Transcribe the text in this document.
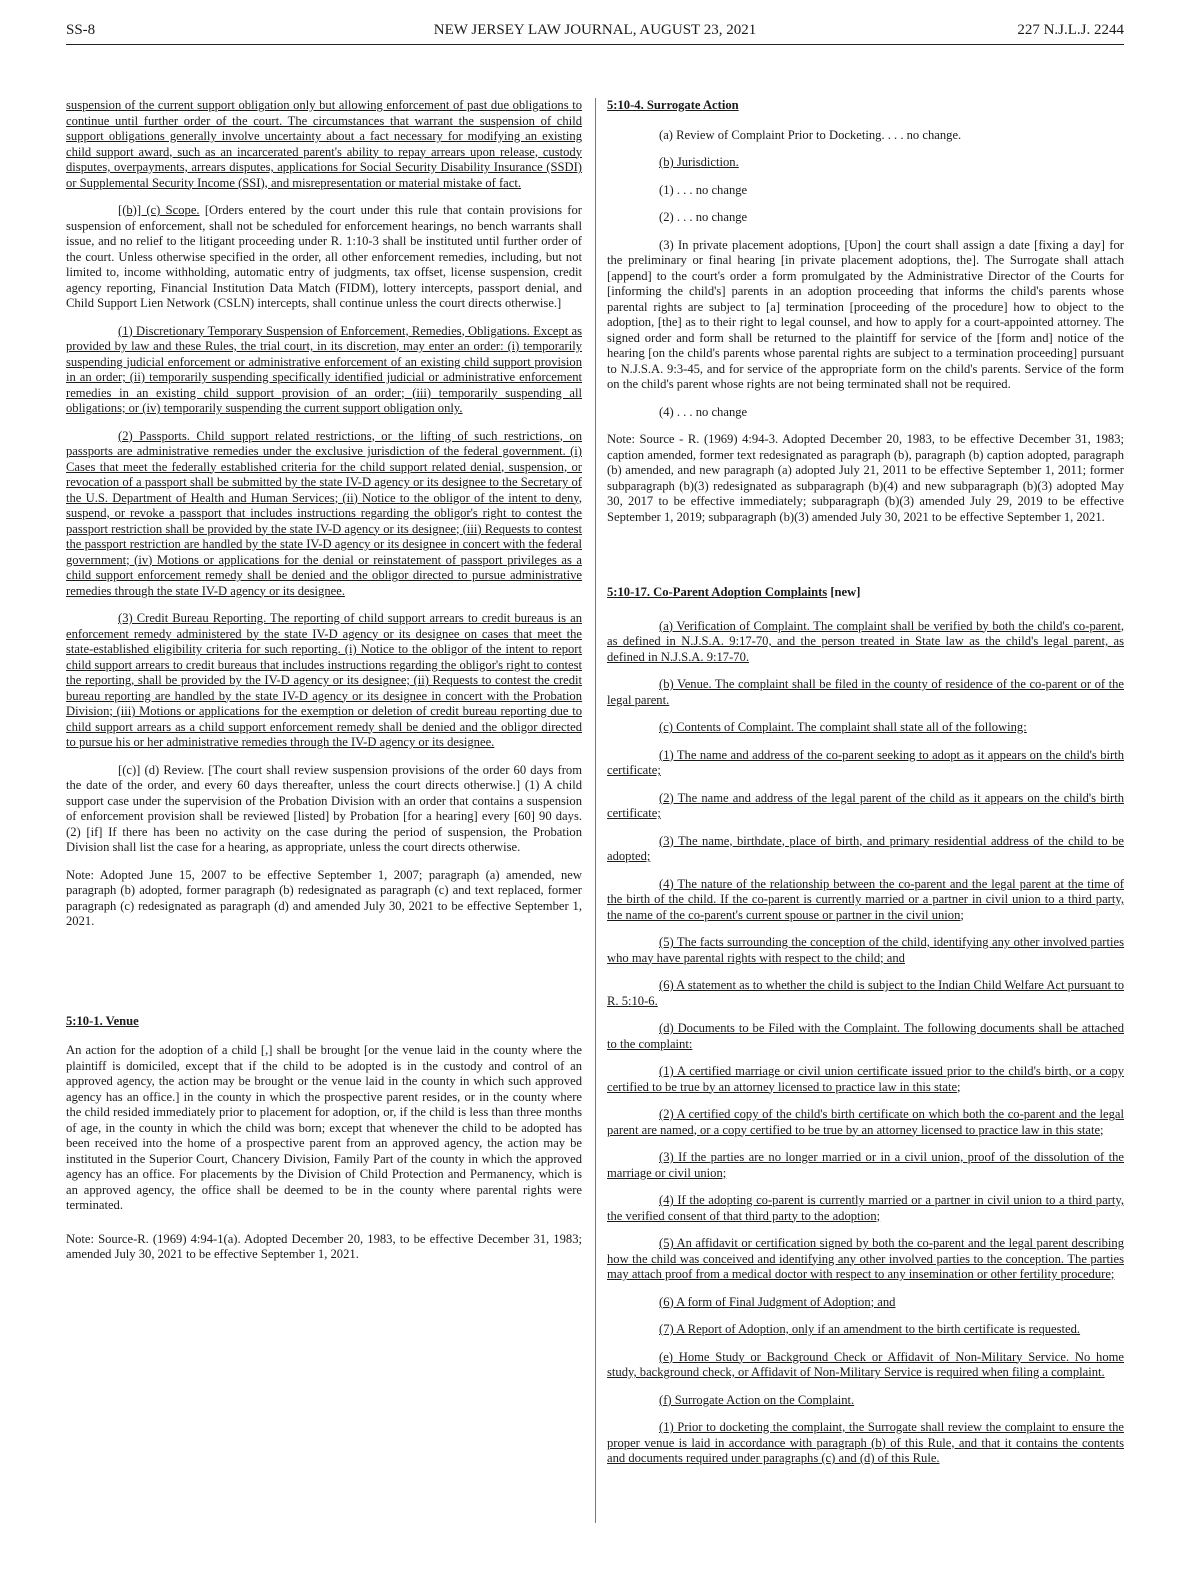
SS-8	NEW JERSEY LAW JOURNAL, AUGUST 23, 2021	227 N.J.L.J. 2244

suspension of the current support obligation only but allowing enforcement of past due obligations to continue until further order of the court. The circumstances that warrant the suspension of child support obligations generally involve uncertainty about a fact necessary for modifying an existing child support award, such as an incarcerated parent's ability to repay arrears upon release, custody disputes, overpayments, arrears disputes, applications for Social Security Disability Insurance (SSDI) or Supplemental Security Income (SSI), and misrepresentation or material mistake of fact.

[(b)] (c) Scope. [Orders entered by the court under this rule that contain provisions for suspension of enforcement, shall not be scheduled for enforcement hearings, no bench warrants shall issue, and no relief to the litigant proceeding under R. 1:10-3 shall be instituted until further order of the court. Unless otherwise specified in the order, all other enforcement remedies, including, but not limited to, income withholding, automatic entry of judgments, tax offset, license suspension, credit agency reporting, Financial Institution Data Match (FIDM), lottery intercepts, passport denial, and Child Support Lien Network (CSLN) intercepts, shall continue unless the court directs otherwise.]

(1) Discretionary Temporary Suspension of Enforcement, Remedies, Obligations. Except as provided by law and these Rules, the trial court, in its discretion, may enter an order: (i) temporarily suspending judicial enforcement or administrative enforcement of an existing child support provision in an order; (ii) temporarily suspending specifically identified judicial or administrative enforcement remedies in an existing child support provision of an order; (iii) temporarily suspending all obligations; or (iv) temporarily suspending the current support obligation only.

(2) Passports. Child support related restrictions, or the lifting of such restrictions, on passports are administrative remedies under the exclusive jurisdiction of the federal government. (i) Cases that meet the federally established criteria for the child support related denial, suspension, or revocation of a passport shall be submitted by the state IV-D agency or its designee to the Secretary of the U.S. Department of Health and Human Services; (ii) Notice to the obligor of the intent to deny, suspend, or revoke a passport that includes instructions regarding the obligor's right to contest the passport restriction shall be provided by the state IV-D agency or its designee; (iii) Requests to contest the passport restriction are handled by the state IV-D agency or its designee in concert with the federal government; (iv) Motions or applications for the denial or reinstatement of passport privileges as a child support enforcement remedy shall be denied and the obligor directed to pursue administrative remedies through the state IV-D agency or its designee.

(3) Credit Bureau Reporting. The reporting of child support arrears to credit bureaus is an enforcement remedy administered by the state IV-D agency or its designee on cases that meet the state-established eligibility criteria for such reporting. (i) Notice to the obligor of the intent to report child support arrears to credit bureaus that includes instructions regarding the obligor's right to contest the reporting, shall be provided by the IV-D agency or its designee; (ii) Requests to contest the credit bureau reporting are handled by the state IV-D agency or its designee in concert with the Probation Division; (iii) Motions or applications for the exemption or deletion of credit bureau reporting due to child support arrears as a child support enforcement remedy shall be denied and the obligor directed to pursue his or her administrative remedies through the IV-D agency or its designee.

[(c)] (d) Review. [The court shall review suspension provisions of the order 60 days from the date of the order, and every 60 days thereafter, unless the court directs otherwise.] (1) A child support case under the supervision of the Probation Division with an order that contains a suspension of enforcement provision shall be reviewed [listed] by Probation [for a hearing] every [60] 90 days. (2) [if] If there has been no activity on the case during the period of suspension, the Probation Division shall list the case for a hearing, as appropriate, unless the court directs otherwise.

Note: Adopted June 15, 2007 to be effective September 1, 2007; paragraph (a) amended, new paragraph (b) adopted, former paragraph (b) redesignated as paragraph (c) and text replaced, former paragraph (c) redesignated as paragraph (d) and amended July 30, 2021 to be effective September 1, 2021.

5:10-1. Venue

An action for the adoption of a child [,] shall be brought [or the venue laid in the county where the plaintiff is domiciled, except that if the child to be adopted is in the custody and control of an approved agency, the action may be brought or the venue laid in the county in which such approved agency has an office.] in the county in which the prospective parent resides, or in the county where the child resided immediately prior to placement for adoption, or, if the child is less than three months of age, in the county in which the child was born; except that whenever the child to be adopted has been received into the home of a prospective parent from an approved agency, the action may be instituted in the Superior Court, Chancery Division, Family Part of the county in which the approved agency has an office. For placements by the Division of Child Protection and Permanency, which is an approved agency, the office shall be deemed to be in the county where parental rights were terminated.

Note: Source-R. (1969) 4:94-1(a). Adopted December 20, 1983, to be effective December 31, 1983; amended July 30, 2021 to be effective September 1, 2021.

5:10-4. Surrogate Action

(a) Review of Complaint Prior to Docketing. . . . no change.

(b) Jurisdiction.

(1) . . . no change

(2) . . . no change

(3) In private placement adoptions, [Upon] the court shall assign a date [fixing a day] for the preliminary or final hearing [in private placement adoptions, the]. The Surrogate shall attach [append] to the court's order a form promulgated by the Administrative Director of the Courts for [informing the child's] parents in an adoption proceeding that informs the child's parents whose parental rights are subject to [a] termination [proceeding of the procedure] how to object to the adoption, [the] as to their right to legal counsel, and how to apply for a court-appointed attorney. The signed order and form shall be returned to the plaintiff for service of the [form and] notice of the hearing [on the child's parents whose parental rights are subject to a termination proceeding] pursuant to N.J.S.A. 9:3-45, and for service of the appropriate form on the child's parents. Service of the form on the child's parent whose rights are not being terminated shall not be required.

(4) . . . no change

Note: Source - R. (1969) 4:94-3. Adopted December 20, 1983, to be effective December 31, 1983; caption amended, former text redesignated as paragraph (b), paragraph (b) caption adopted, paragraph (b) amended, and new paragraph (a) adopted July 21, 2011 to be effective September 1, 2011; former subparagraph (b)(3) redesignated as subparagraph (b)(4) and new subparagraph (b)(3) adopted May 30, 2017 to be effective immediately; subparagraph (b)(3) amended July 29, 2019 to be effective September 1, 2019; subparagraph (b)(3) amended July 30, 2021 to be effective September 1, 2021.

5:10-17. Co-Parent Adoption Complaints [new]

(a) Verification of Complaint. The complaint shall be verified by both the child's co-parent, as defined in N.J.S.A. 9:17-70, and the person treated in State law as the child's legal parent, as defined in N.J.S.A. 9:17-70.

(b) Venue. The complaint shall be filed in the county of residence of the co-parent or of the legal parent.

(c) Contents of Complaint. The complaint shall state all of the following:

(1) The name and address of the co-parent seeking to adopt as it appears on the child's birth certificate;

(2) The name and address of the legal parent of the child as it appears on the child's birth certificate;

(3) The name, birthdate, place of birth, and primary residential address of the child to be adopted;

(4) The nature of the relationship between the co-parent and the legal parent at the time of the birth of the child. If the co-parent is currently married or a partner in civil union to a third party, the name of the co-parent's current spouse or partner in the civil union;

(5) The facts surrounding the conception of the child, identifying any other involved parties who may have parental rights with respect to the child; and

(6) A statement as to whether the child is subject to the Indian Child Welfare Act pursuant to R. 5:10-6.

(d) Documents to be Filed with the Complaint. The following documents shall be attached to the complaint:

(1) A certified marriage or civil union certificate issued prior to the child's birth, or a copy certified to be true by an attorney licensed to practice law in this state;

(2) A certified copy of the child's birth certificate on which both the co-parent and the legal parent are named, or a copy certified to be true by an attorney licensed to practice law in this state;

(3) If the parties are no longer married or in a civil union, proof of the dissolution of the marriage or civil union;

(4) If the adopting co-parent is currently married or a partner in civil union to a third party, the verified consent of that third party to the adoption;

(5) An affidavit or certification signed by both the co-parent and the legal parent describing how the child was conceived and identifying any other involved parties to the conception. The parties may attach proof from a medical doctor with respect to any insemination or other fertility procedure;

(6) A form of Final Judgment of Adoption; and

(7) A Report of Adoption, only if an amendment to the birth certificate is requested.

(e) Home Study or Background Check or Affidavit of Non-Military Service. No home study, background check, or Affidavit of Non-Military Service is required when filing a complaint.

(f) Surrogate Action on the Complaint.

(1) Prior to docketing the complaint, the Surrogate shall review the complaint to ensure the proper venue is laid in accordance with paragraph (b) of this Rule, and that it contains the contents and documents required under paragraphs (c) and (d) of this Rule.
